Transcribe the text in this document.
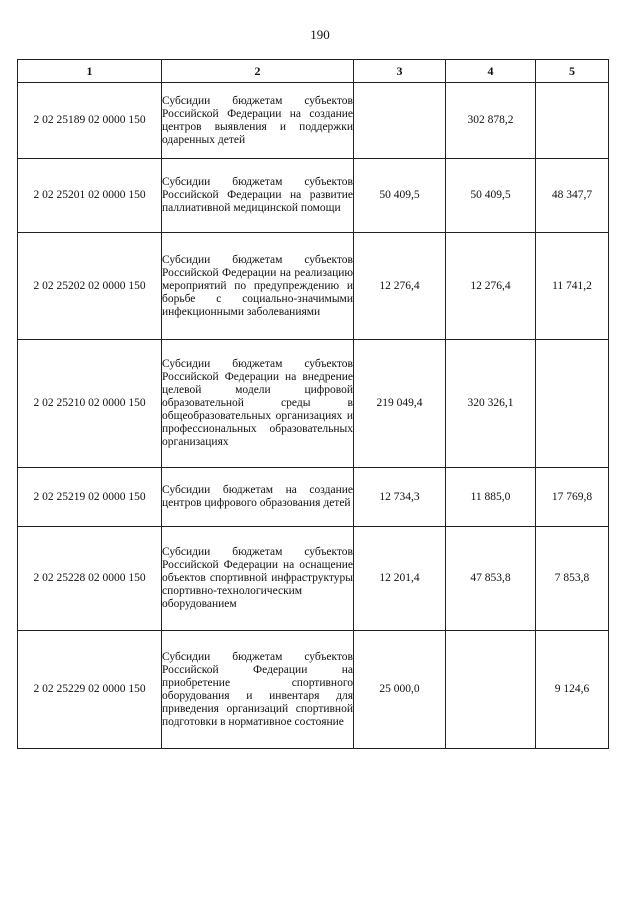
190
1	2	3	4	5
2 02 25189 02 0000 150	Субсидии бюджетам субъектов Российской Федерации на создание центров выявления и поддержки одаренных детей		302 878,2	
2 02 25201 02 0000 150	Субсидии бюджетам субъектов Российской Федерации на развитие паллиативной медицинской помощи	50 409,5	50 409,5	48 347,7
2 02 25202 02 0000 150	Субсидии бюджетам субъектов Российской Федерации на реализацию мероприятий по предупреждению и борьбе с социально-значимыми инфекционными заболеваниями	12 276,4	12 276,4	11 741,2
2 02 25210 02 0000 150	Субсидии бюджетам субъектов Российской Федерации на внедрение целевой модели цифровой образовательной среды в общеобразовательных организациях и профессиональных образовательных организациях	219 049,4	320 326,1	
2 02 25219 02 0000 150	Субсидии бюджетам на создание центров цифрового образования детей	12 734,3	11 885,0	17 769,8
2 02 25228 02 0000 150	Субсидии бюджетам субъектов Российской Федерации на оснащение объектов спортивной инфраструктуры спортивно-технологическим оборудованием	12 201,4	47 853,8	7 853,8
2 02 25229 02 0000 150	Субсидии бюджетам субъектов Российской Федерации на приобретение спортивного оборудования и инвентаря для приведения организаций спортивной подготовки в нормативное состояние	25 000,0		9 124,6
